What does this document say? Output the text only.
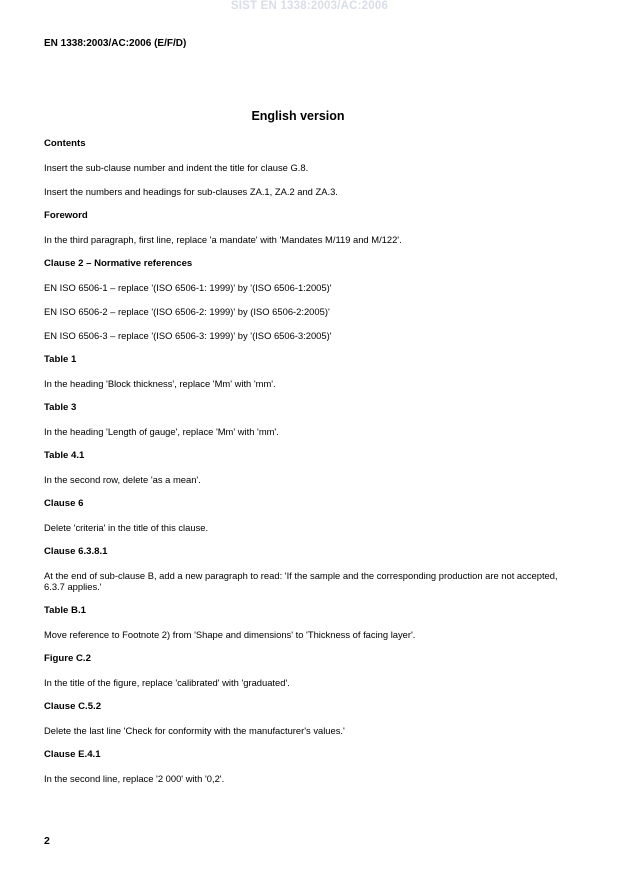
SIST EN 1338:2003/AC:2006
EN 1338:2003/AC:2006 (E/F/D)
English version
Contents
Insert the sub-clause number and indent the title for clause G.8.
Insert the numbers and headings for sub-clauses ZA.1, ZA.2 and ZA.3.
Foreword
In the third paragraph, first line, replace 'a mandate' with 'Mandates M/119 and M/122'.
Clause 2 – Normative references
EN ISO 6506-1 – replace '(ISO 6506-1: 1999)' by '(ISO 6506-1:2005)'
EN ISO 6506-2 – replace '(ISO 6506-2: 1999)' by (ISO 6506-2:2005)'
EN ISO 6506-3 – replace '(ISO 6506-3: 1999)' by '(ISO 6506-3:2005)'
Table 1
In the heading 'Block thickness', replace 'Mm' with 'mm'.
Table 3
In the heading 'Length of gauge', replace 'Mm' with 'mm'.
Table 4.1
In the second row, delete 'as a mean'.
Clause 6
Delete 'criteria' in the title of this clause.
Clause 6.3.8.1
At the end of sub-clause B, add a new paragraph to read: 'If the sample and the corresponding production are not accepted, 6.3.7 applies.'
Table B.1
Move reference to Footnote 2) from 'Shape and dimensions' to 'Thickness of facing layer'.
Figure C.2
In the title of the figure, replace 'calibrated' with 'graduated'.
Clause C.5.2
Delete the last line 'Check for conformity with the manufacturer's values.'
Clause E.4.1
In the second line, replace '2 000' with '0,2'.
2
